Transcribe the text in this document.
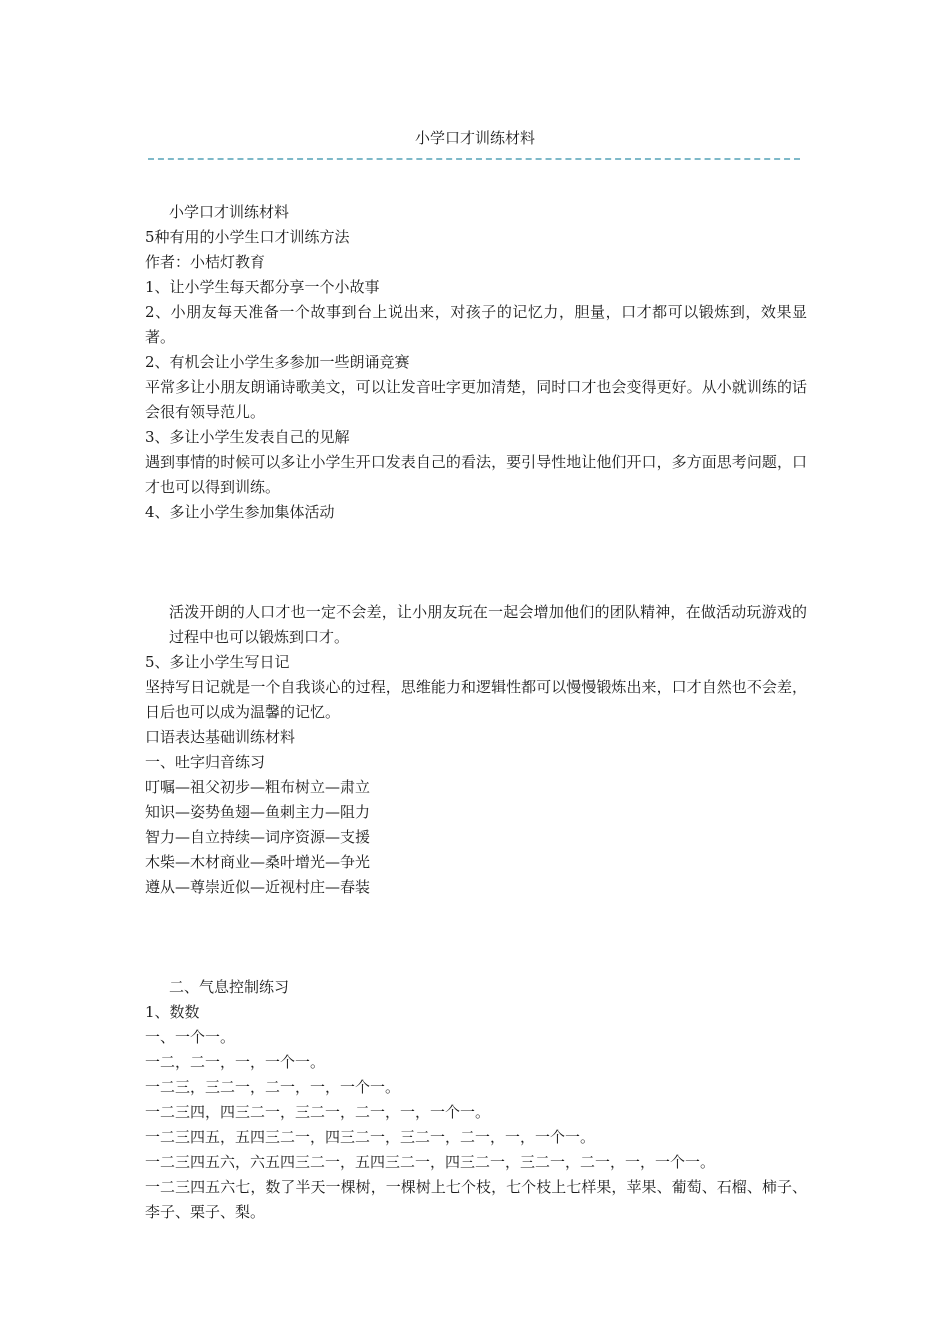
小学口才训练材料
小学口才训练材料
5种有用的小学生口才训练方法
作者：小桔灯教育
1、让小学生每天都分享一个小故事
2、小朋友每天准备一个故事到台上说出来，对孩子的记忆力，胆量，口才都可以锻炼到，效果显著。
2、有机会让小学生多参加一些朗诵竞赛
平常多让小朋友朗诵诗歌美文，可以让发音吐字更加清楚，同时口才也会变得更好。从小就训练的话会很有领导范儿。
3、多让小学生发表自己的见解
遇到事情的时候可以多让小学生开口发表自己的看法，要引导性地让他们开口，多方面思考问题，口才也可以得到训练。
4、多让小学生参加集体活动
活泼开朗的人口才也一定不会差，让小朋友玩在一起会增加他们的团队精神，在做活动玩游戏的过程中也可以锻炼到口才。
5、多让小学生写日记
坚持写日记就是一个自我谈心的过程，思维能力和逻辑性都可以慢慢锻炼出来，口才自然也不会差，日后也可以成为温馨的记忆。
口语表达基础训练材料
一、吐字归音练习
叮嘱—祖父初步—粗布树立—肃立
知识—姿势鱼翅—鱼刺主力—阻力
智力—自立持续—词序资源—支援
木柴—木材商业—桑叶增光—争光
遵从—尊崇近似—近视村庄—春装
二、气息控制练习
1、数数
一、一个一。
一二，二一，一，一个一。
一二三，三二一，二一，一，一个一。
一二三四，四三二一，三二一，二一，一，一个一。
一二三四五，五四三二一，四三二一，三二一，二一，一，一个一。
一二三四五六，六五四三二一，五四三二一，四三二一，三二一，二一，一，一个一。
一二三四五六七，数了半天一棵树，一棵树上七个枝，七个枝上七样果，苹果、葡萄、石榴、柿子、李子、栗子、梨。
